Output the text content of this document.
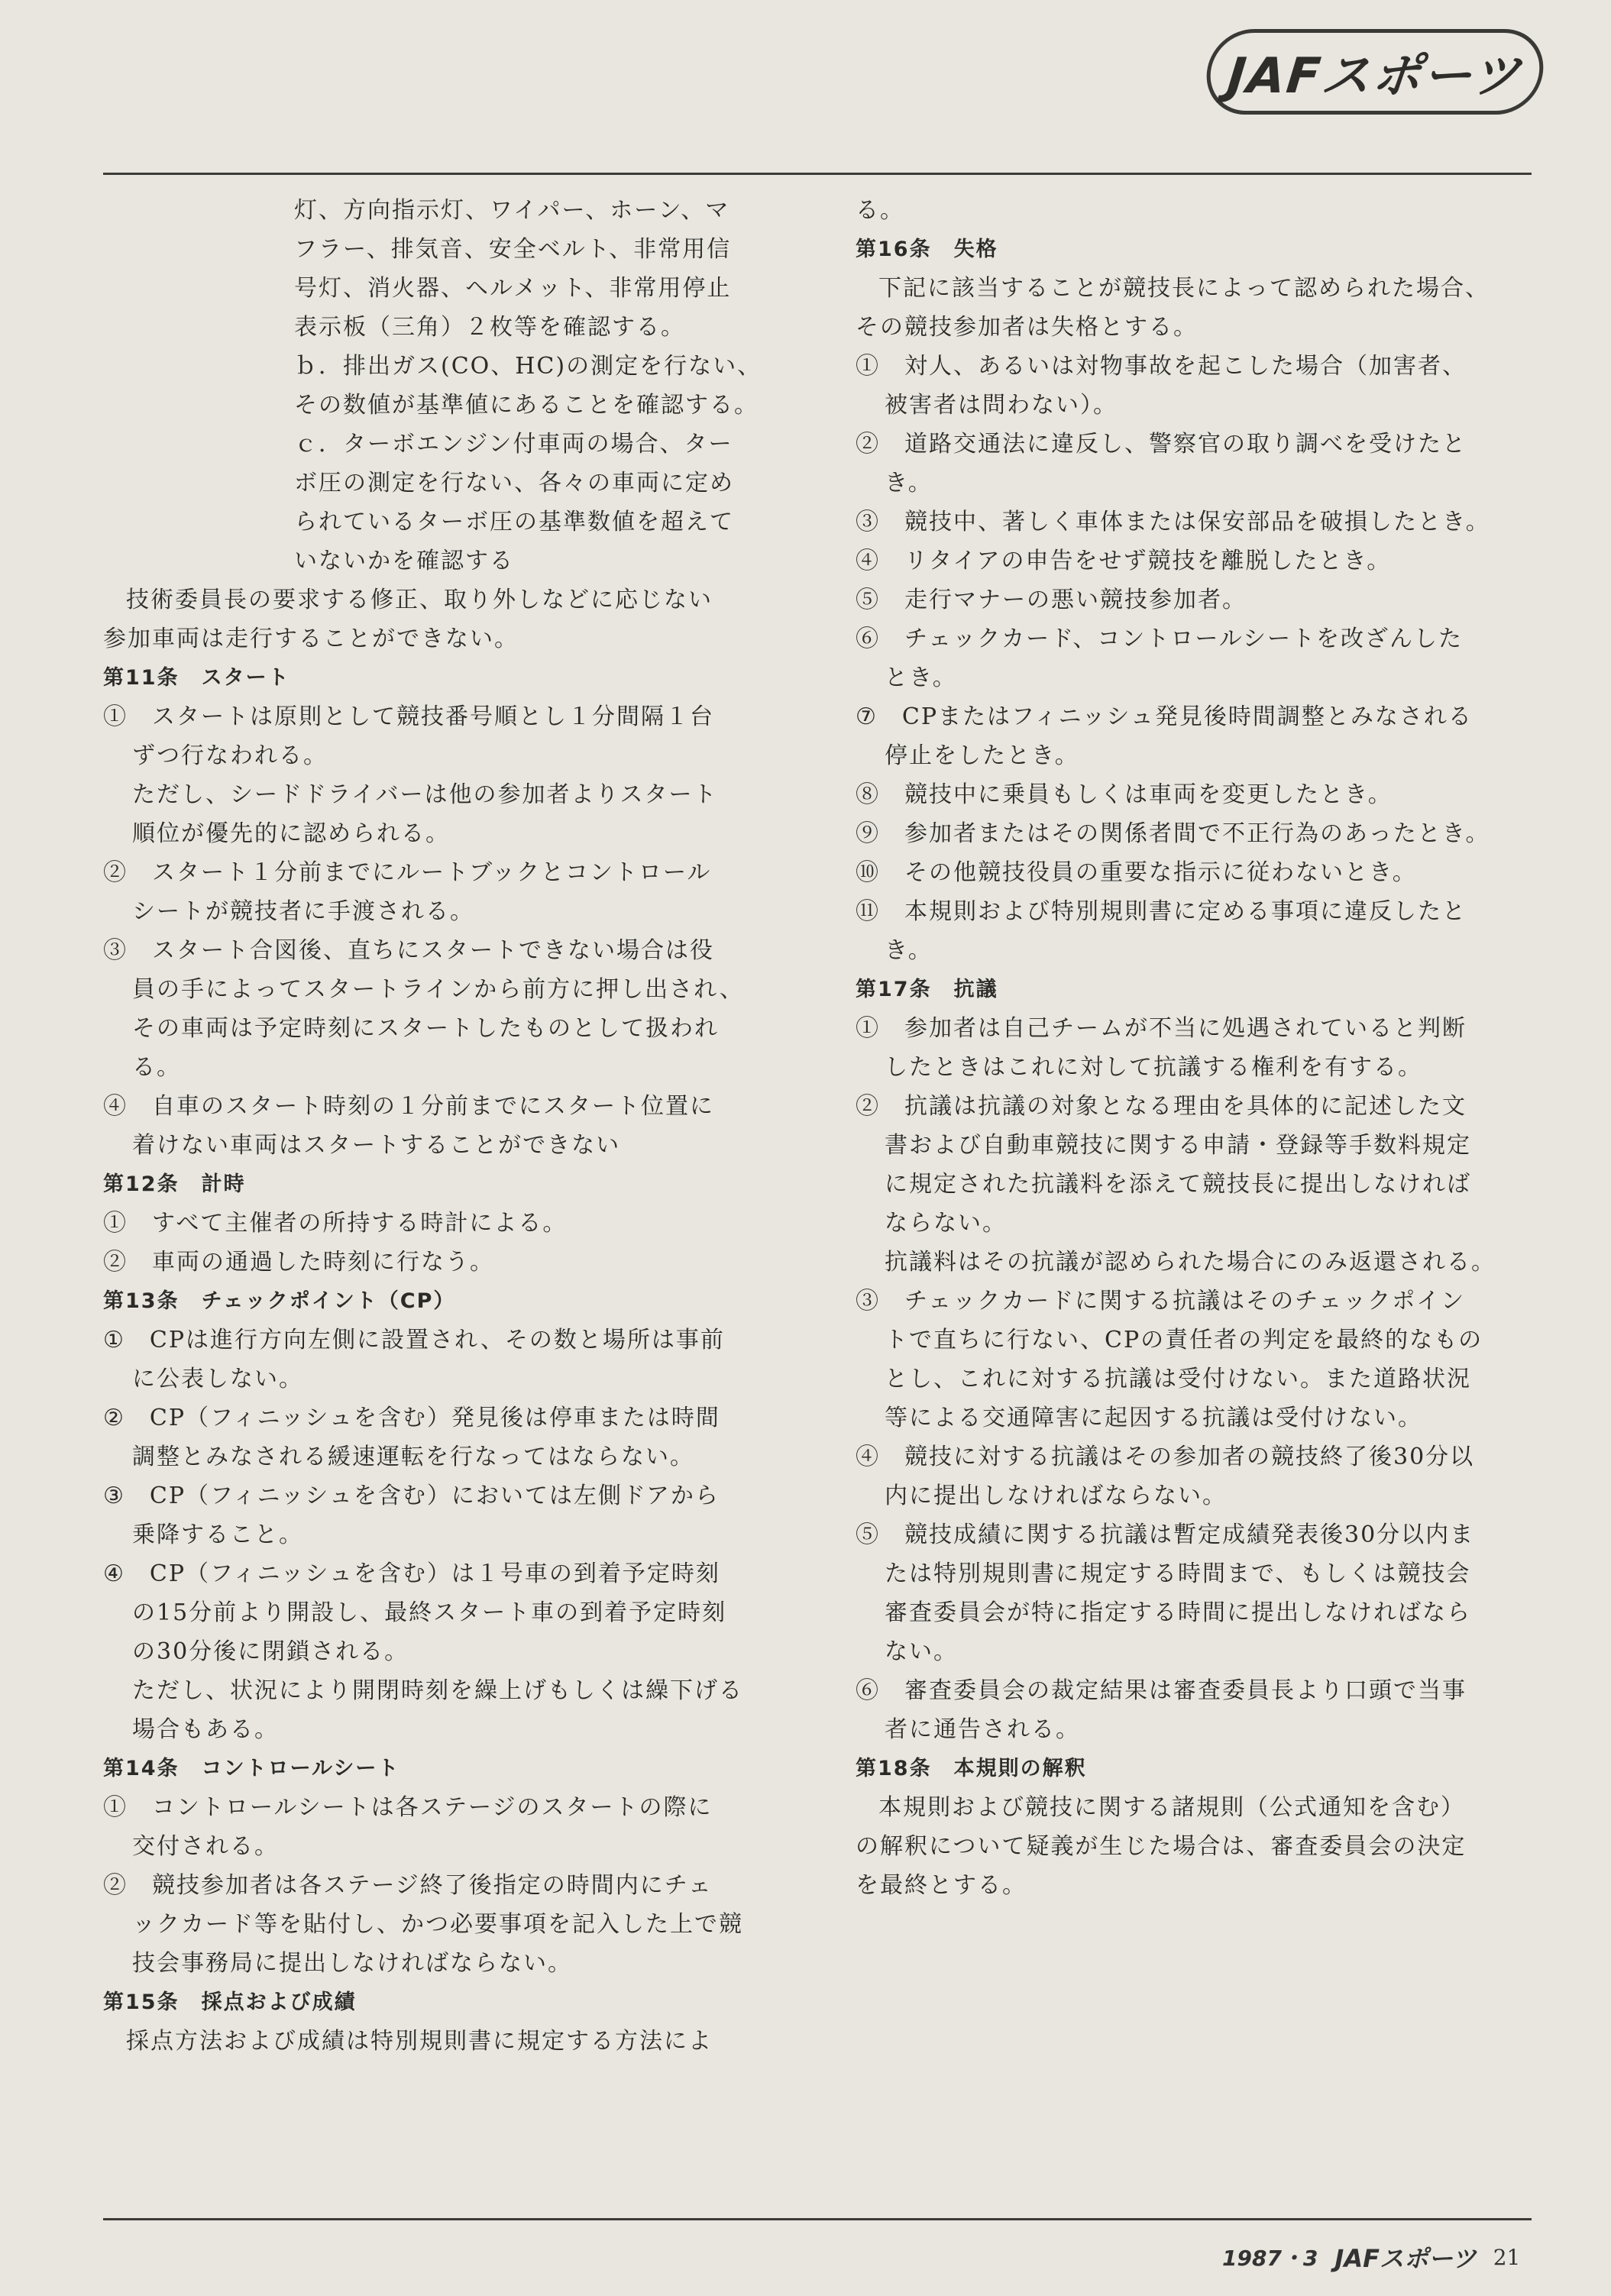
JAFスポーツ
灯、方向指示灯、ワイパー、ホーン、マ
フラー、排気音、安全ベルト、非常用信
号灯、消火器、ヘルメット、非常用停止
表示板（三角）２枚等を確認する。
ｂ．排出ガス(CO、HC)の測定を行ない、
その数値が基準値にあることを確認する。
ｃ．ターボエンジン付車両の場合、ター
ボ圧の測定を行ない、各々の車両に定め
られているターボ圧の基準数値を超えて
いないかを確認する
技術委員長の要求する修正、取り外しなどに応じない
参加車両は走行することができない。
第11条　スタート
①　スタートは原則として競技番号順とし１分間隔１台
ずつ行なわれる。
ただし、シードドライバーは他の参加者よりスタート
順位が優先的に認められる。
②　スタート１分前までにルートブックとコントロール
シートが競技者に手渡される。
③　スタート合図後、直ちにスタートできない場合は役
員の手によってスタートラインから前方に押し出され、
その車両は予定時刻にスタートしたものとして扱われ
る。
④　自車のスタート時刻の１分前までにスタート位置に
着けない車両はスタートすることができない
第12条　計時
①　すべて主催者の所持する時計による。
②　車両の通過した時刻に行なう。
第13条　チェックポイント（CP）
①　CPは進行方向左側に設置され、その数と場所は事前
に公表しない。
②　CP（フィニッシュを含む）発見後は停車または時間
調整とみなされる緩速運転を行なってはならない。
③　CP（フィニッシュを含む）においては左側ドアから
乗降すること。
④　CP（フィニッシュを含む）は１号車の到着予定時刻
の15分前より開設し、最終スタート車の到着予定時刻
の30分後に閉鎖される。
ただし、状況により開閉時刻を繰上げもしくは繰下げる
場合もある。
第14条　コントロールシート
①　コントロールシートは各ステージのスタートの際に
交付される。
②　競技参加者は各ステージ終了後指定の時間内にチェ
ックカード等を貼付し、かつ必要事項を記入した上で競
技会事務局に提出しなければならない。
第15条　採点および成績
採点方法および成績は特別規則書に規定する方法によ
る。
第16条　失格
下記に該当することが競技長によって認められた場合、
その競技参加者は失格とする。
①　対人、あるいは対物事故を起こした場合（加害者、
被害者は問わない）。
②　道路交通法に違反し、警察官の取り調べを受けたと
き。
③　競技中、著しく車体または保安部品を破損したとき。
④　リタイアの申告をせず競技を離脱したとき。
⑤　走行マナーの悪い競技参加者。
⑥　チェックカード、コントロールシートを改ざんした
とき。
⑦　CPまたはフィニッシュ発見後時間調整とみなされる
停止をしたとき。
⑧　競技中に乗員もしくは車両を変更したとき。
⑨　参加者またはその関係者間で不正行為のあったとき。
⑩　その他競技役員の重要な指示に従わないとき。
⑪　本規則および特別規則書に定める事項に違反したと
き。
第17条　抗議
①　参加者は自己チームが不当に処遇されていると判断
したときはこれに対して抗議する権利を有する。
②　抗議は抗議の対象となる理由を具体的に記述した文
書および自動車競技に関する申請・登録等手数料規定
に規定された抗議料を添えて競技長に提出しなければ
ならない。
抗議料はその抗議が認められた場合にのみ返還される。
③　チェックカードに関する抗議はそのチェックポイン
トで直ちに行ない、CPの責任者の判定を最終的なもの
とし、これに対する抗議は受付けない。また道路状況
等による交通障害に起因する抗議は受付けない。
④　競技に対する抗議はその参加者の競技終了後30分以
内に提出しなければならない。
⑤　競技成績に関する抗議は暫定成績発表後30分以内ま
たは特別規則書に規定する時間まで、もしくは競技会
審査委員会が特に指定する時間に提出しなければなら
ない。
⑥　審査委員会の裁定結果は審査委員長より口頭で当事
者に通告される。
第18条　本規則の解釈
本規則および競技に関する諸規則（公式通知を含む）
の解釈について疑義が生じた場合は、審査委員会の決定
を最終とする。
1987・3 JAFスポーツ 21
